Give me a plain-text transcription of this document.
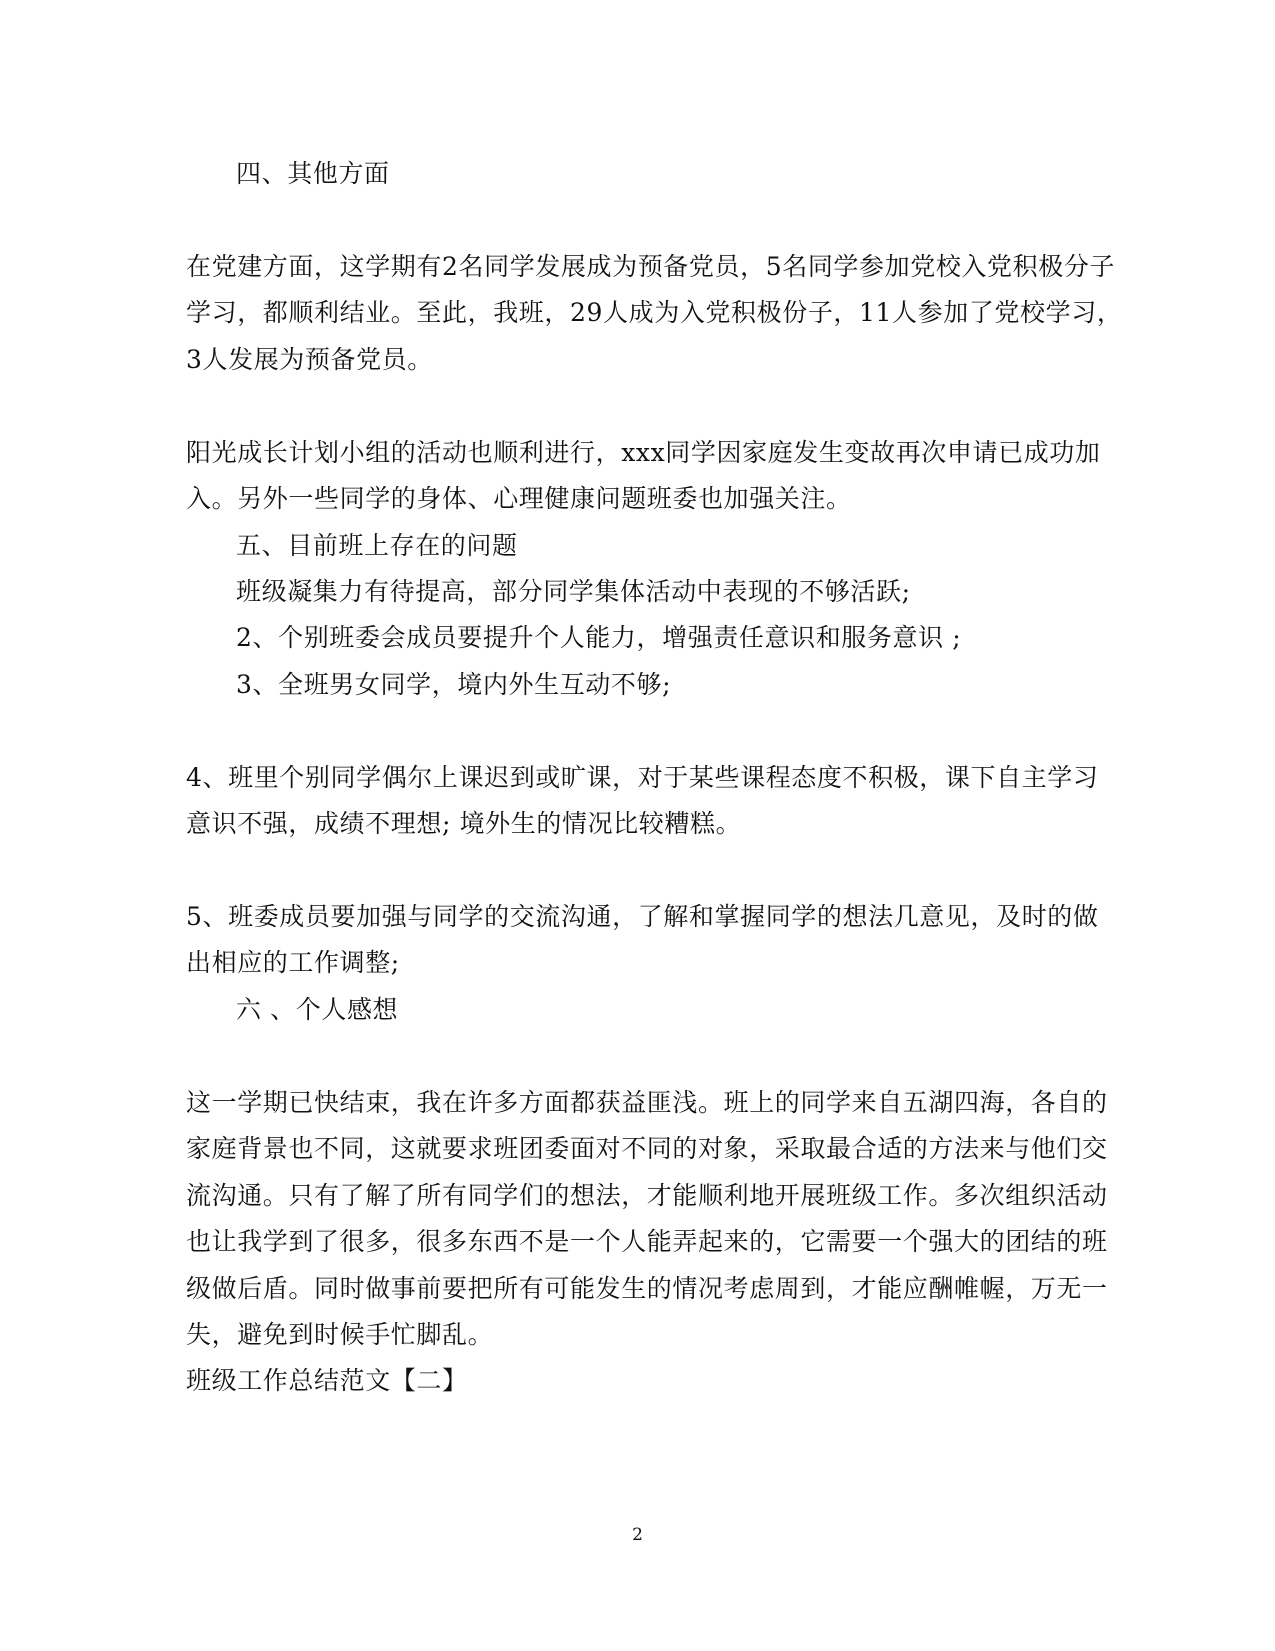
四、其他方面
在党建方面，这学期有2名同学发展成为预备党员，5名同学参加党校入党积极分子
学习，都顺利结业。至此，我班，29人成为入党积极份子，11人参加了党校学习，
3人发展为预备党员。
阳光成长计划小组的活动也顺利进行，xxx同学因家庭发生变故再次申请已成功加
入。另外一些同学的身体、心理健康问题班委也加强关注。
五、目前班上存在的问题
班级凝集力有待提高，部分同学集体活动中表现的不够活跃;
2、个别班委会成员要提升个人能力，增强责任意识和服务意识 ;
3、全班男女同学，境内外生互动不够;
4、班里个别同学偶尔上课迟到或旷课，对于某些课程态度不积极，课下自主学习
意识不强，成绩不理想; 境外生的情况比较糟糕。
5、班委成员要加强与同学的交流沟通，了解和掌握同学的想法几意见，及时的做
出相应的工作调整;
六 、个人感想
这一学期已快结束，我在许多方面都获益匪浅。班上的同学来自五湖四海，各自的
家庭背景也不同，这就要求班团委面对不同的对象，采取最合适的方法来与他们交
流沟通。只有了解了所有同学们的想法，才能顺利地开展班级工作。多次组织活动
也让我学到了很多，很多东西不是一个人能弄起来的，它需要一个强大的团结的班
级做后盾。同时做事前要把所有可能发生的情况考虑周到，才能应酬帷幄，万无一
失，避免到时候手忙脚乱。
班级工作总结范文【二】
2
